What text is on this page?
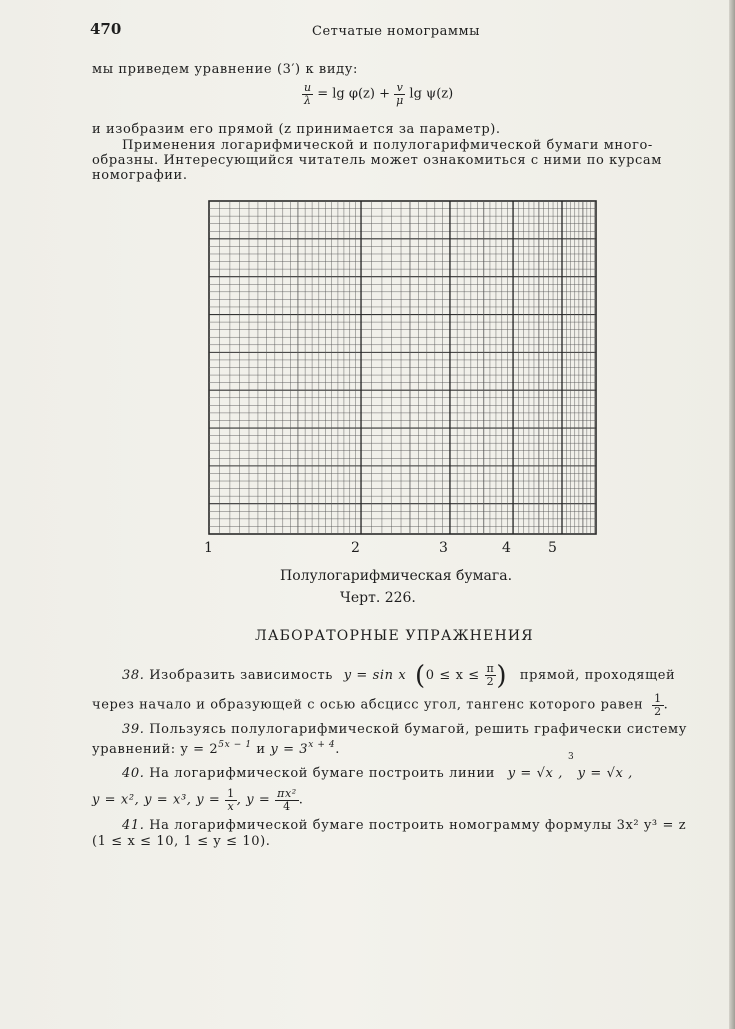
470	Сетчатые номограммы
мы приведем уравнение (3′) к виду:
$\frac{u}{\lambda} = \lg \varphi(z) + \frac{v}{\mu}$ lg ψ(z)
и изобразим его прямой (z принимается за параметр).
Применения логарифмической и полулогарифмической бумаги много-
образны. Интересующийся читатель может ознакомиться с ними по курсам
номографии.
1	2	3	4	5
Полулогарифмическая бумага.
Черт. 226.
ЛАБОРАТОРНЫЕ УПРАЖНЕНИЯ
38. Изобразить зависимость y = sin x ($0 \le x \le \frac{\pi}{2}$ ) прямой, проходящей
через начало и образующей с осью абсцисс угол, тангенс которого равен $\frac{1}{2}$ .
39. Пользуясь полулогарифмической бумагой, решить графически систему
уравнений: $y = 2^{5x - 1}$ и $y = 3^{x + 4}$.
40. На логарифмической бумаге построить линии y = √x , y = √x ,
3
y = x², y = x³, $y = \frac{1}{x}$ , $y = \frac{\text{πx²}}{4}$ .
41. На логарифмической бумаге построить номограмму формулы 3x² y³ = z
(1 ≤ x ≤ 10, 1 ≤ y ≤ 10).
